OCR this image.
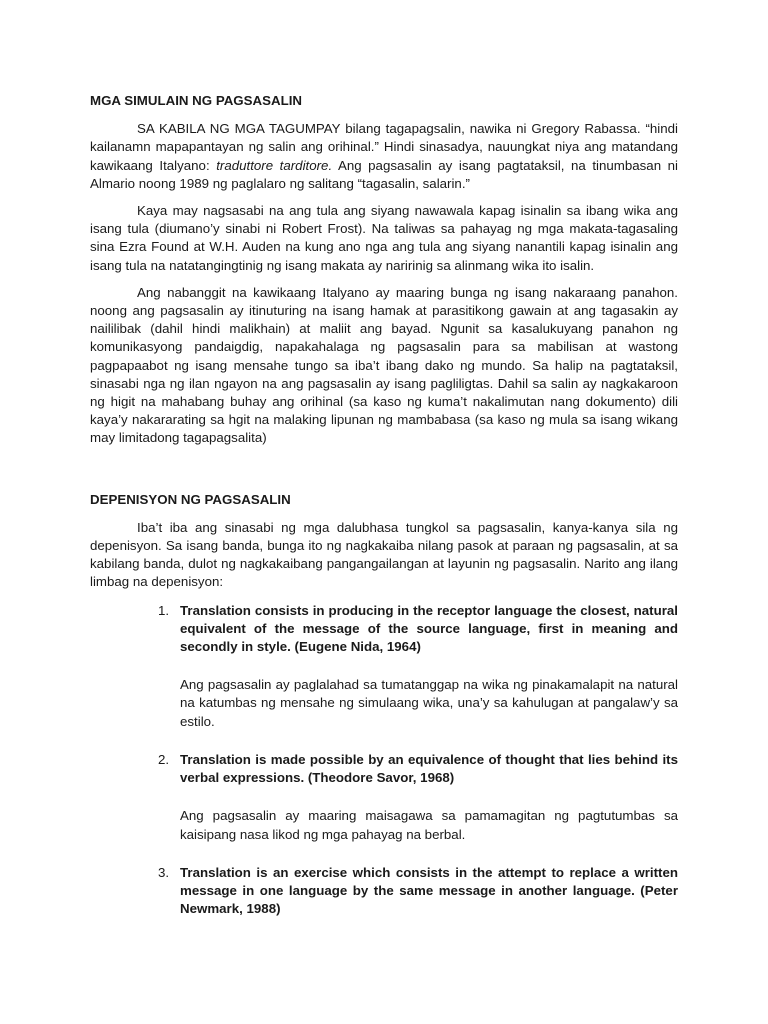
MGA SIMULAIN NG PAGSASALIN

SA KABILA NG MGA TAGUMPAY bilang tagapagsalin, nawika ni Gregory Rabassa. “hindi kailanamn mapapantayan ng salin ang orihinal.” Hindi sinasadya, nauungkat niya ang matandang kawikaang Italyano: traduttore tarditore. Ang pagsasalin ay isang pagtataksil, na tinumbasan ni Almario noong 1989 ng paglalaro ng salitang “tagasalin, salarin.”

Kaya may nagsasabi na ang tula ang siyang nawawala kapag isinalin sa ibang wika ang isang tula (diumano’y sinabi ni Robert Frost). Na taliwas sa pahayag ng mga makata-tagasaling sina Ezra Found at W.H. Auden na kung ano nga ang tula ang siyang nanantili kapag isinalin ang isang tula na natatangingtinig ng isang makata ay naririnig sa alinmang wika ito isalin.

Ang nabanggit na kawikaang Italyano ay maaring bunga ng isang nakaraang panahon. noong ang pagsasalin ay itinuturing na isang hamak at parasitikong gawain at ang tagasakin ay naililibak (dahil hindi malikhain) at maliit ang bayad. Ngunit sa kasalukuyang panahon ng komunikasyong pandaigdig, napakahalaga ng pagsasalin para sa mabilisan at wastong pagpapaabot ng isang mensahe tungo sa iba’t ibang dako ng mundo. Sa halip na pagtataksil, sinasabi nga ng ilan ngayon na ang pagsasalin ay isang pagliligtas. Dahil sa salin ay nagkakaroon ng higit na mahabang buhay ang orihinal (sa kaso ng kuma’t nakalimutan nang dokumento) dili kaya’y nakararating sa hgit na malaking lipunan ng mambabasa (sa kaso ng mula sa isang wikang may limitadong tagapagsalita)

DEPENISYON NG PAGSASALIN

Iba’t iba ang sinasabi ng mga dalubhasa tungkol sa pagsasalin, kanya-kanya sila ng depenisyon. Sa isang banda, bunga ito ng nagkakaiba nilang pasok at paraan ng pagsasalin, at sa kabilang banda, dulot ng nagkakaibang pangangailangan at layunin ng pagsasalin. Narito ang ilang limbag na depenisyon:

1. Translation consists in producing in the receptor language the closest, natural equivalent of the message of the source language, first in meaning and secondly in style. (Eugene Nida, 1964)

Ang pagsasalin ay paglalahad sa tumatanggap na wika ng pinakamalapit na natural na katumbas ng mensahe ng simulaang wika, una’y sa kahulugan at pangalaw’y sa estilo.

2. Translation is made possible by an equivalence of thought that lies behind its verbal expressions. (Theodore Savor, 1968)

Ang pagsasalin ay maaring maisagawa sa pamamagitan ng pagtutumbas sa kaisipang nasa likod ng mga pahayag na berbal.

3. Translation is an exercise which consists in the attempt to replace a written message in one language by the same message in another language. (Peter Newmark, 1988)
